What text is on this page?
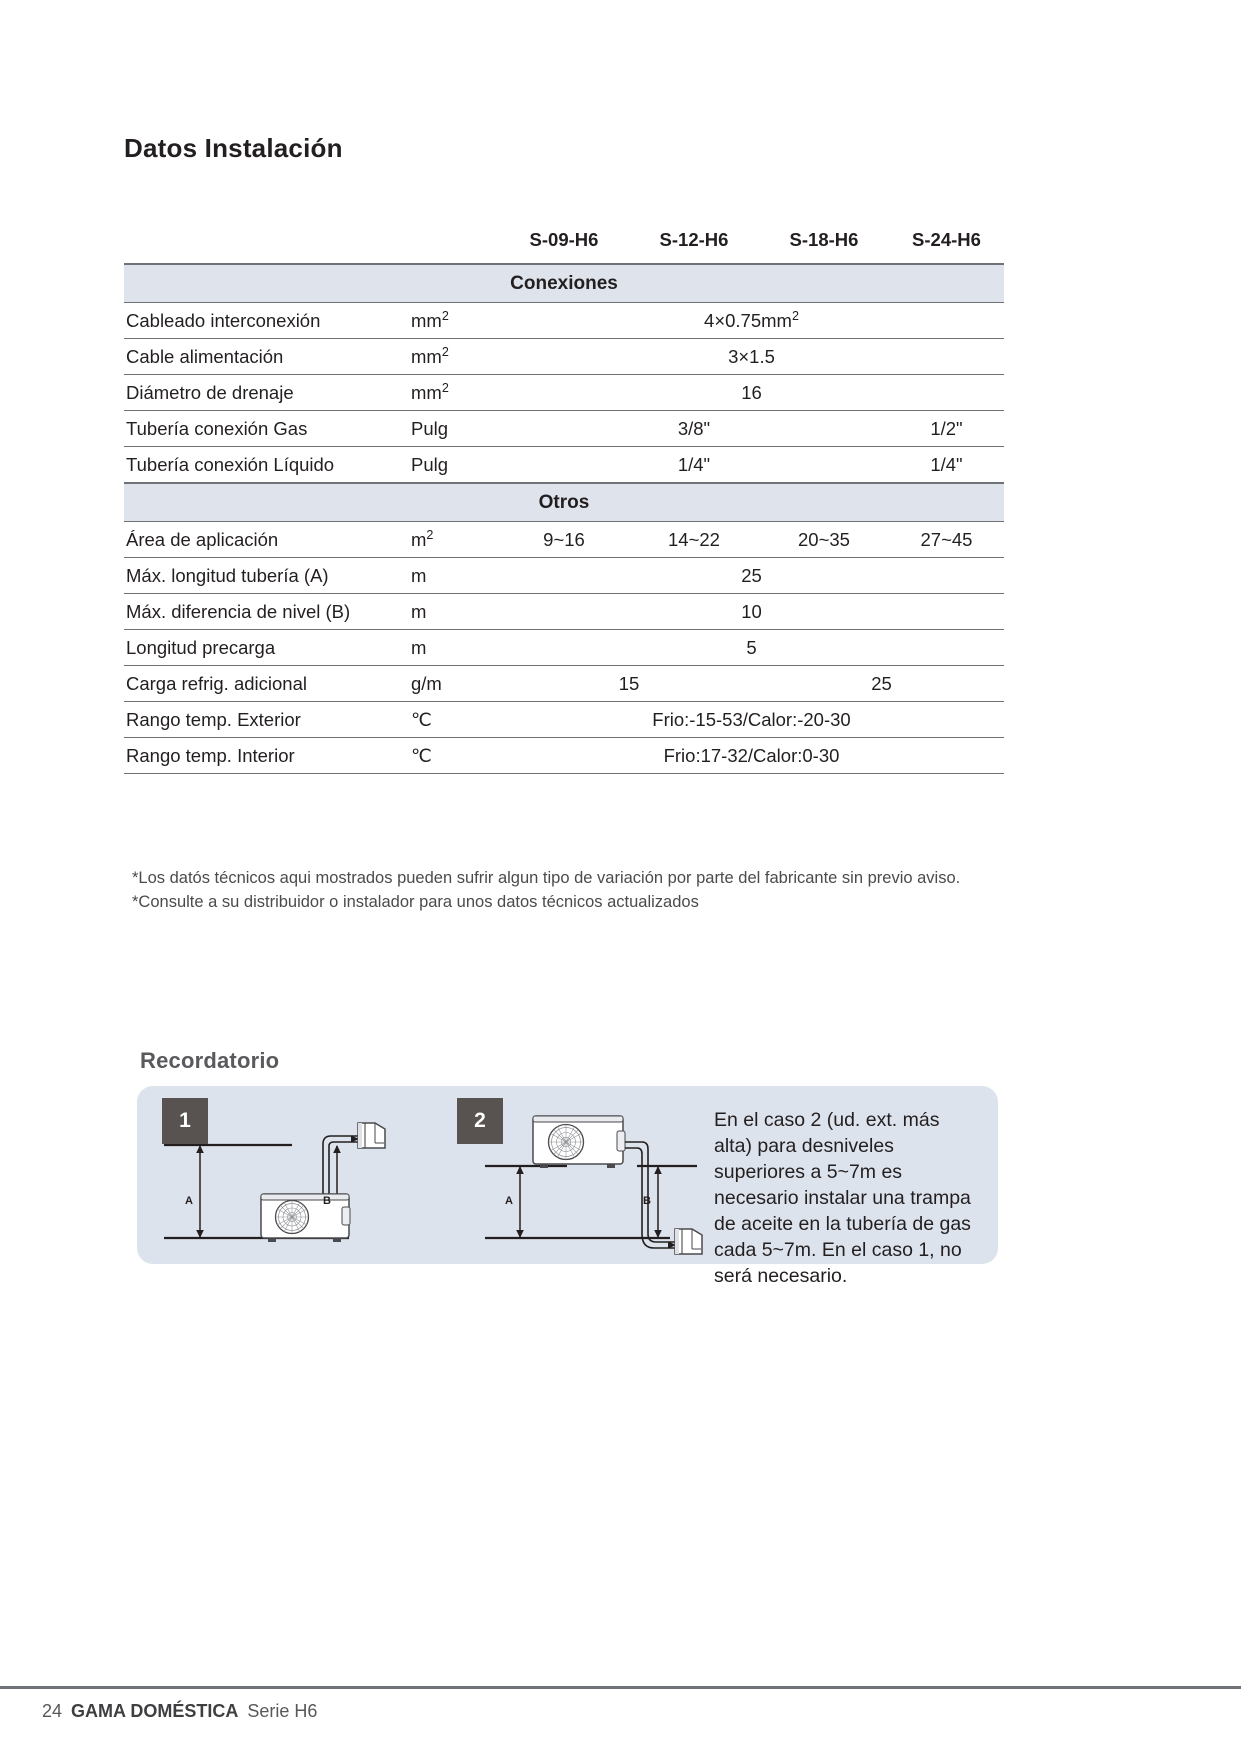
Datos Instalación
		S-09-H6	S-12-H6	S-18-H6	S-24-H6
Conexiones					
Cableado interconexión	$mm^2$	$4\times 0.75mm^2$
Cable alimentación	$mm^2$	3×1.5			
Diámetro de drenaje	$mm^2$	16			
Tubería conexión Gas	Pulg	3/8"			1/2"
Tubería conexión Líquido	Pulg	1/4"			1/4"
Otros					
Área de aplicación	$m^2$	9~16	14~22	20~35	27~45
Máx. longitud tubería (A)	m	25			
Máx. diferencia de nivel (B)	m	10			
Longitud precarga	m	5			
Carga refrig. adicional	g/m	15		25	
Rango temp. Exterior	℃	Frio:-15-53/Calor:-20-30			
Rango temp. Interior	℃	Frio:17-32/Calor:0-30			
*Los datós técnicos aqui mostrados pueden sufrir algun tipo de variación por parte del fabricante sin previo aviso.
*Consulte a su distribuidor o instalador para unos datos técnicos actualizados
Recordatorio
A	B	A	B
1	2	En el caso 2 (ud. ext. más alta) para desniveles superiores a 5~7m es necesario instalar una trampa de aceite en la tubería de gas cada 5~7m. En el caso 1, no será necesario.
24 GAMA DOMÉSTICA Serie H6
